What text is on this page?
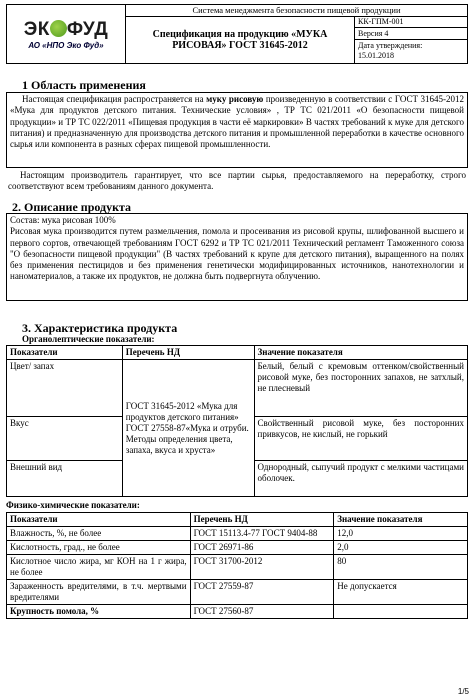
ЭК ФУД
АО «НПО Эко Фуд»	Система менеджмента безопасности пищевой продукции	
	Спецификация на продукцию «МУКА РИСОВАЯ» ГОСТ 31645-2012	КК-ГПМ-001
Версия 4
Дата утверждения:
15.01.2018
1 Область применения
Настоящая спецификация распространяется на муку рисовую произведенную в соответствии с ГОСТ 31645-2012 «Мука для продуктов детского питания. Технические условия» , ТР ТС 021/2011 «О безопасности пищевой продукции» и ТР ТС 022/2011 «Пищевая продукция в части её маркировки» В частях требований к муке для детского питания) и предназначенную для производства детского питания и промышленной переработки в качестве основного сырья или компонента в разных сферах пищевой промышленности.
Настоящим производитель гарантирует, что все партии сырья, предоставляемого на переработку, строго соответствуют всем требованиям данного документа.
2. Описание продукта
Состав: мука рисовая 100%
Рисовая мука производится путем размельчения, помола и просеивания из рисовой крупы, шлифованной высшего и первого сортов, отвечающей требованиям ГОСТ 6292 и ТР ТС 021/2011 Технический регламент Таможенного союза "О безопасности пищевой продукции" (В частях требований к крупе для детского питания), выращенного на полях без применения пестицидов и без применения генетически модифицированных источников, нанотехнологии и наноматериалов, а также их продуктов, не должна быть подвергнута облучению.
3. Характеристика продукта
Органолептические показатели:
Показатели	Перечень НД	Значение показателя
Цвет/ запах	ГОСТ 31645-2012 «Мука для продуктов детского питания» ГОСТ 27558-87«Мука и отруби. Методы определения цвета, запаха, вкуса и хруста»	Белый, белый с кремовым оттенком/свойственный рисовой муке, без посторонних запахов, не затхлый, не плесневый
Вкус		Свойственный рисовой муке, без посторонних привкусов, не кислый, не горький
Внешний вид		Однородный, сыпучий продукт с мелкими частицами оболочек.
Физико-химические показатели:
Показатели	Перечень НД	Значение показателя
Влажность, %, не более	ГОСТ 15113.4-77 ГОСТ 9404-88	12,0
Кислотность, град., не более	ГОСТ 26971-86	2,0
Кислотное число жира, мг КОН на 1 г жира, не более	ГОСТ 31700-2012	80
Зараженность вредителями, в т.ч. мертвыми вредителями	ГОСТ 27559-87	Не допускается
Крупность помола, %	ГОСТ 27560-87	
1/5
